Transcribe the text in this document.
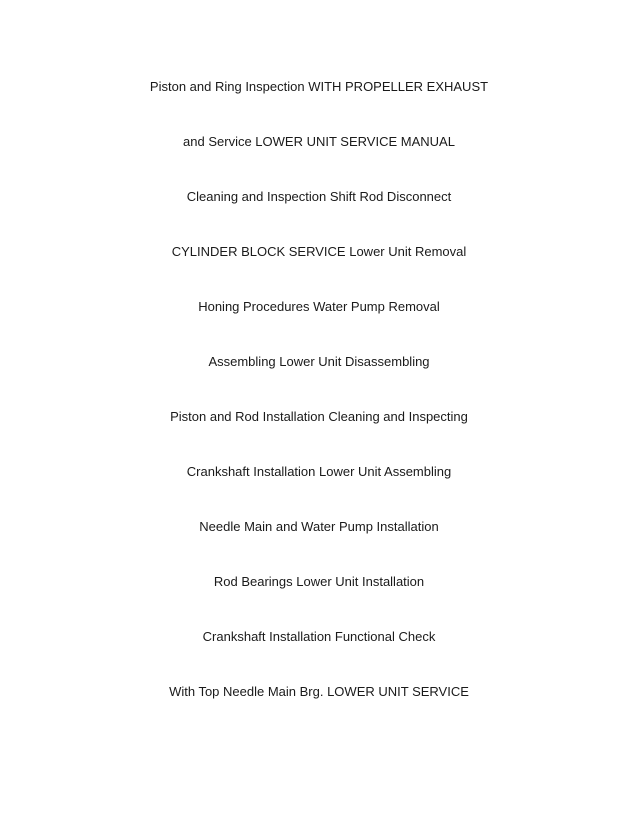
Piston and Ring Inspection WITH PROPELLER EXHAUST
and Service LOWER UNIT SERVICE MANUAL
Cleaning and Inspection Shift Rod Disconnect
CYLINDER BLOCK SERVICE Lower Unit Removal
Honing Procedures Water Pump Removal
Assembling Lower Unit Disassembling
Piston and Rod Installation Cleaning and Inspecting
Crankshaft Installation Lower Unit Assembling
Needle Main and Water Pump Installation
Rod Bearings Lower Unit Installation
Crankshaft Installation Functional Check
With Top Needle Main Brg. LOWER UNIT SERVICE
